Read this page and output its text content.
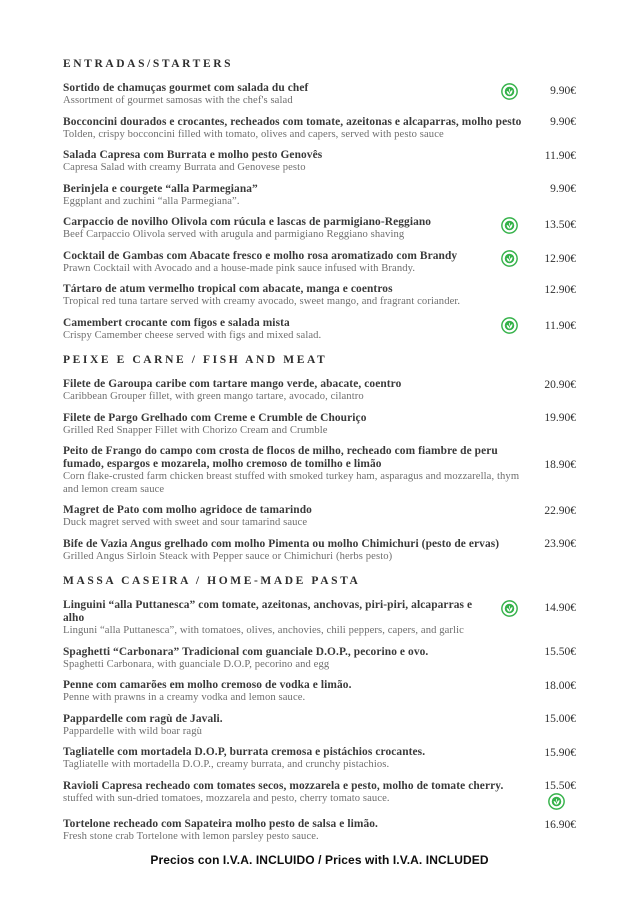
ENTRADAS/STARTERS
Sortido de chamuças gourmet com salada du chef
Assortment of gourmet samosas with the chef's salad
9.90€
Bocconcini dourados e crocantes, recheados com tomate, azeitonas e alcaparras, molho pesto
Tolden, crispy bocconcini filled with tomato, olives and capers, served with pesto sauce
9.90€
Salada Capresa com Burrata e molho pesto Genovês
Capresa Salad with creamy Burrata and Genovese pesto
11.90€
Berinjela e courgete “alla Parmegiana”
Eggplant and zuchini “alla Parmegiana”.
9.90€
Carpaccio de novilho Olivola com rúcula e lascas de parmigiano-Reggiano
Beef Carpaccio Olivola served with arugula and parmigiano Reggiano shaving
13.50€
Cocktail de Gambas com Abacate fresco e molho rosa aromatizado com Brandy
Prawn Cocktail with Avocado and a house-made pink sauce infused with Brandy.
12.90€
Tártaro de atum vermelho tropical com abacate, manga e coentros
Tropical red tuna tartare served with creamy avocado, sweet mango, and fragrant coriander.
12.90€
Camembert crocante com figos e salada mista
Crispy Camember cheese served with figs and mixed salad.
11.90€
PEIXE E CARNE / FISH AND MEAT
Filete de Garoupa caribe com tartare mango verde, abacate, coentro
Caribbean Grouper fillet, with green mango tartare, avocado, cilantro
20.90€
Filete de Pargo Grelhado com Creme e Crumble de Chouriço
Grilled Red Snapper Fillet with Chorizo Cream and Crumble
19.90€
Peito de Frango do campo com crosta de flocos de milho, recheado com fiambre de peru fumado, espargos e mozarela, molho cremoso de tomilho e limão
Corn flake-crusted farm chicken breast stuffed with smoked turkey ham, asparagus and mozzarella, thym and lemon cream sauce
18.90€
Magret de Pato com molho agridoce de tamarindo
Duck magret served with sweet and sour tamarind sauce
22.90€
Bife de Vazia Angus grelhado com molho Pimenta ou molho Chimichuri (pesto de ervas)
Grilled Angus Sirloin Steack with Pepper sauce or Chimichuri (herbs pesto)
23.90€
MASSA CASEIRA / HOME-MADE PASTA
Linguini “alla Puttanesca” com tomate, azeitonas, anchovas, piri-piri, alcaparras e alho
Linguni “alla Puttanesca”, with tomatoes, olives, anchovies, chili peppers, capers, and garlic
14.90€
Spaghetti “Carbonara” Tradicional com guanciale D.O.P., pecorino e ovo.
Spaghetti Carbonara, with guanciale D.O.P, pecorino and egg
15.50€
Penne com camarões em molho cremoso de vodka e limão.
Penne with prawns in a creamy vodka and lemon sauce.
18.00€
Pappardelle com ragù de Javali.
Pappardelle with wild boar ragù
15.00€
Tagliatelle com mortadela D.O.P, burrata cremosa e pistáchios crocantes.
Tagliatelle with mortadella D.O.P., creamy burrata, and crunchy pistachios.
15.90€
Ravioli Capresa recheado com tomates secos, mozzarela e pesto, molho de tomate cherry.
stuffed with sun-dried tomatoes, mozzarela and pesto, cherry tomato sauce.
15.50€
Tortelone recheado com Sapateira molho pesto de salsa e limão.
Fresh stone crab Tortelone with lemon parsley pesto sauce.
16.90€
Precios con I.V.A. INCLUIDO / Prices with I.V.A. INCLUDED
